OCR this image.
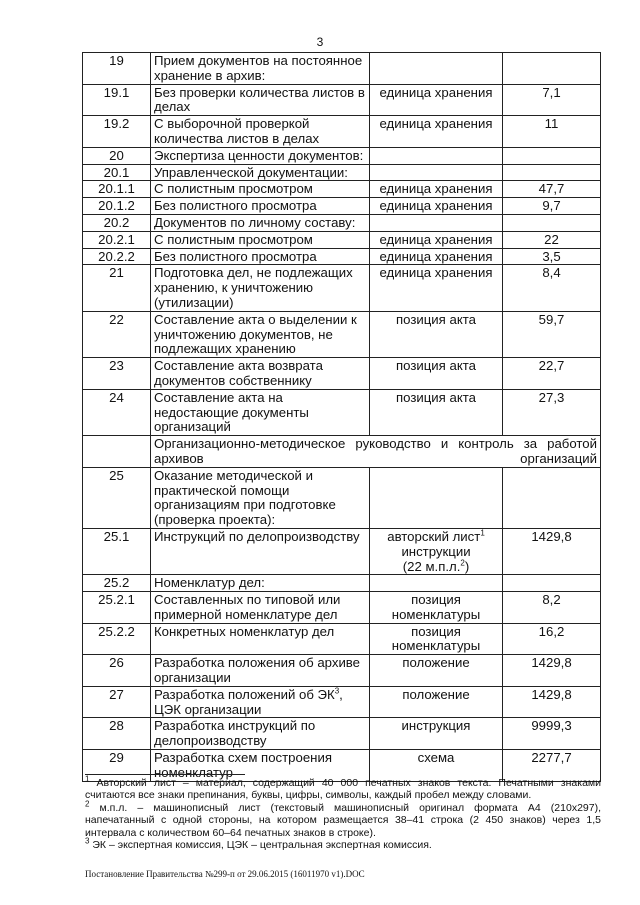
3
19	Прием документов на постоянное хранение в архив:		
19.1	Без проверки количества листов в делах	единица хранения	7,1
19.2	С выборочной проверкой количества листов в делах	единица хранения	11
20	Экспертиза ценности документов:		
20.1	Управленческой документации:		
20.1.1	С полистным просмотром	единица хранения	47,7
20.1.2	Без полистного просмотра	единица хранения	9,7
20.2	Документов по личному составу:		
20.2.1	С полистным просмотром	единица хранения	22
20.2.2	Без полистного просмотра	единица хранения	3,5
21	Подготовка дел, не подлежащих хранению, к уничтожению (утилизации)	единица хранения	8,4
22	Составление акта о выделении к уничтожению документов, не подлежащих хранению	позиция акта	59,7
23	Составление акта возврата документов собственнику	позиция акта	22,7
24	Составление акта на недостающие документы организаций	позиция акта	27,3
	Организационно-методическое руководство и контроль за работой архивов организаций		
25	Оказание методической и практической помощи организациям при подготовке (проверка проекта):		
25.1	Инструкций по делопроизводству	авторский лист$^1$
инструкции
(22 м.п.л.$^2$)	1429,8
25.2	Номенклатур дел:		
25.2.1	Составленных по типовой или примерной номенклатуре дел	позиция номенклатуры	8,2
25.2.2	Конкретных номенклатур дел	позиция номенклатуры	16,2
26	Разработка положения об архиве организации	положение	1429,8
27	Разработка положений об $ЭК^3$, ЦЭК организации	положение	1429,8
28	Разработка инструкций по делопроизводству	инструкция	9999,3
29	Разработка схем построения номенклатур	схема	2277,7

$^1$ Авторский лист – материал, содержащий 40 000 печатных знаков текста. Печатными знаками считаются все знаки препинания, буквы, цифры, символы, каждый пробел между словами.

$^2$ м.п.л. – машинописный лист (текстовый машинописный оригинал формата А4 (210х297), напечатанный с одной стороны, на котором размещается 38–41 строка (2 450 знаков) через 1,5 интервала с количеством 60–64 печатных знаков в строке).

$^3$ ЭК – экспертная комиссия, ЦЭК – центральная экспертная комиссия.

Постановление Правительства №299-п от 29.06.2015 (16011970 v1).DOC
